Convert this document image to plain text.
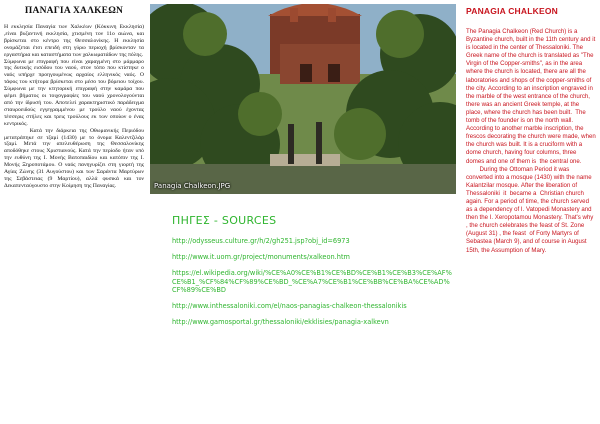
ΠΑΝΑΓΙΑ ΧΑΛΚΕΩΝ

Η εκκλησία Παναγία των Χαλκέων (Κόκκινη Εκκλησία) ,είναι βυζαντινή εκκλησία, χτισμένη τον 11ο αιώνα, και βρίσκεται στο κέντρο της Θεσσαλονίκης. Η εκκλησία ονομάζεται έτσι επειδή στη γύρω περιοχή βρίσκονταν τα εργαστήρια και καταστήματα των χαλκωματάδων της πόλης.
Σύμφωνα με επιγραφή που είναι χαραγμένη στο μάρμαρο της δυτικής εισόδου του ναού, στον τόπο που κτίστηκε ο ναός υπήρχε προηγουμένως αρχαίος ελληνικός ναός. Ο τάφος του κτήτορα βρίσκεται στο μέσο του βόρειου τοίχου. Σύμφωνα με την κτητορική επιγραφή στην καμάρα που φέρει βήματος οι τοιχογραφίες του ναού χρονολογούνται από την ίδρυσή του. Αποτελεί χαρακτηριστικό παράδειγμα σταυροειδούς εγγεγραμμένου με τρούλο ναού έχοντας τέσσερις στήλες και τρεις τρούλους εκ των οποίων ο ένας κεντρικός.
Κατά την διάρκεια της Οθωμανικής Περιόδου μετατράπηκε σε τζαμί (1430) με το όνομα Καλεντζιλάρ τζαμί. Μετά την απελευθέρωση της Θεσσαλονίκης αποδόθηκε στους Χριστιανούς. Κατά την περίοδο ήταν υπό την ευθύνη της Ι. Μονής Βατοπαιδίου και κατόπιν της Ι. Μονής Ξηροποτάμου. Ο ναός πανηγυρίζει στη γιορτή της Αγίας Ζώνης (31 Αυγούστου) και των Σαράντα Μαρτύρων της Σεβάστειας (9 Μαρτίου), αλλά φυσικά και τον Δεκαπενταύγουστο στην Κοίμηση της Παναγίας.	Panagia Chalkeon.JPG

ΠΗΓΕΣ - SOURCES

http://odysseus.culture.gr/h/2/gh251.jsp?obj_id=6973
http://www.it.uom.gr/project/monuments/xalkeon.htm
https://el.wikipedia.org/wiki/%CE%A0%CE%B1%CE%BD%CE%B1%CE%B3%CE%AF%CE%B1_%CF%84%CF%89%CE%BD_%CE%A7%CE%B1%CE%BB%CE%BA%CE%AD%CF%89%CE%BD
http://www.inthessaloniki.com/el/naos-panagias-chalkeon-thessalonikis
http://www.gamosportal.gr/thessaloniki/ekklisies/panagia-xalkevn

PANAGIA CHALKEON

The Panagia Chalkeon (Red Church) is a Byzantine church, built in the 11th century and it is located in the center of Thessaloniki. The Greek name of the church is translated as "The Virgin of the Copper-smiths", as in the area where the church is located, there are all the laboratories and shops of the copper-smiths of the city. According to an inscription engraved in the marble of the west entrance of the church,  there was an ancient Greek temple, at the place, where the church has been built.  The tomb of the founder is on the north wall. According to another marble inscription, the frescos decorating the church were made, when the church was built. It is a cruciform with a dome church, having four columns, three domes and one of them is  the central one.
During the Ottoman Period it was converted into a mosque (1430) with the name Kalantzilar mosque. After the liberation of Thessaloniki  it  became a  Christian church again. For a period of time, the church served as a dependency of I. Vatopedi Monastery and then the I. Xeropotamou Monastery. That's why , the church celebrates the feast of St. Zone (August 31) , the feast  of Forty Martyrs of Sebastea (March 9), and of course in August 15th, the Assumption of Mary.
